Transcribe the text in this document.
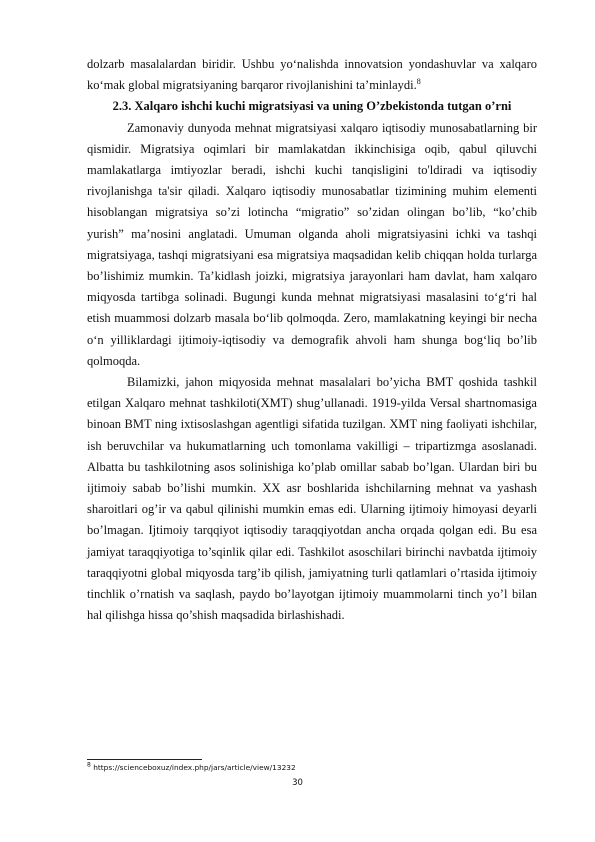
dolzarb masalalardan biridir. Ushbu yo‘nalishda innovatsion yondashuvlar va xalqaro ko‘mak global migratsiyaning barqaror rivojlanishini ta’minlaydi.$^8$

2.3. Xalqaro ishchi kuchi migratsiyasi va uning O’zbekistonda tutgan o’rni

Zamonaviy dunyoda mehnat migratsiyasi xalqaro iqtisodiy munosabatlarning bir qismidir. Migratsiya oqimlari bir mamlakatdan ikkinchisiga oqib, qabul qiluvchi mamlakatlarga imtiyozlar beradi, ishchi kuchi tanqisligini to'ldiradi va iqtisodiy rivojlanishga ta'sir qiladi. Xalqaro iqtisodiy munosabatlar tizimining muhim elementi hisoblangan migratsiya so’zi lotincha “migratio” so’zidan olingan bo’lib, “ko’chib yurish” ma’nosini anglatadi. Umuman olganda aholi migratsiyasini ichki va tashqi migratsiyaga, tashqi migratsiyani esa migratsiya maqsadidan kelib chiqqan holda turlarga bo’lishimiz mumkin. Ta’kidlash joizki, migratsiya jarayonlari ham davlat, ham xalqaro miqyosda tartibga solinadi. Bugungi kunda mehnat migratsiyasi masalasini to‘g‘ri hal etish muammosi dolzarb masala bo‘lib qolmoqda. Zero, mamlakatning keyingi bir necha o‘n yilliklardagi ijtimoiy-iqtisodiy va demografik ahvoli ham shunga bog‘liq bo’lib qolmoqda.

Bilamizki, jahon miqyosida mehnat masalalari bo’yicha BMT qoshida tashkil etilgan Xalqaro mehnat tashkiloti(XMT) shug’ullanadi. 1919-yilda Versal shartnomasiga binoan BMT ning ixtisoslashgan agentligi sifatida tuzilgan. XMT ning faoliyati ishchilar, ish beruvchilar va hukumatlarning uch tomonlama vakilligi – tripartizmga asoslanadi. Albatta bu tashkilotning asos solinishiga ko’plab omillar sabab bo’lgan. Ulardan biri bu ijtimoiy sabab bo’lishi mumkin. XX asr boshlarida ishchilarning mehnat va yashash sharoitlari og’ir va qabul qilinishi mumkin emas edi. Ularning ijtimoiy himoyasi deyarli bo’lmagan. Ijtimoiy tarqqiyot iqtisodiy taraqqiyotdan ancha orqada qolgan edi. Bu esa jamiyat taraqqiyotiga to’sqinlik qilar edi. Tashkilot asoschilari birinchi navbatda ijtimoiy taraqqiyotni global miqyosda targ’ib qilish, jamiyatning turli qatlamlari o’rtasida ijtimoiy tinchlik o’rnatish va saqlash, paydo bo’layotgan ijtimoiy muammolarni tinch yo’l bilan hal qilishga hissa qo’shish maqsadida birlashishadi.

$^8$ https://scienceboxuz/index.php/jars/article/view/13232
30
